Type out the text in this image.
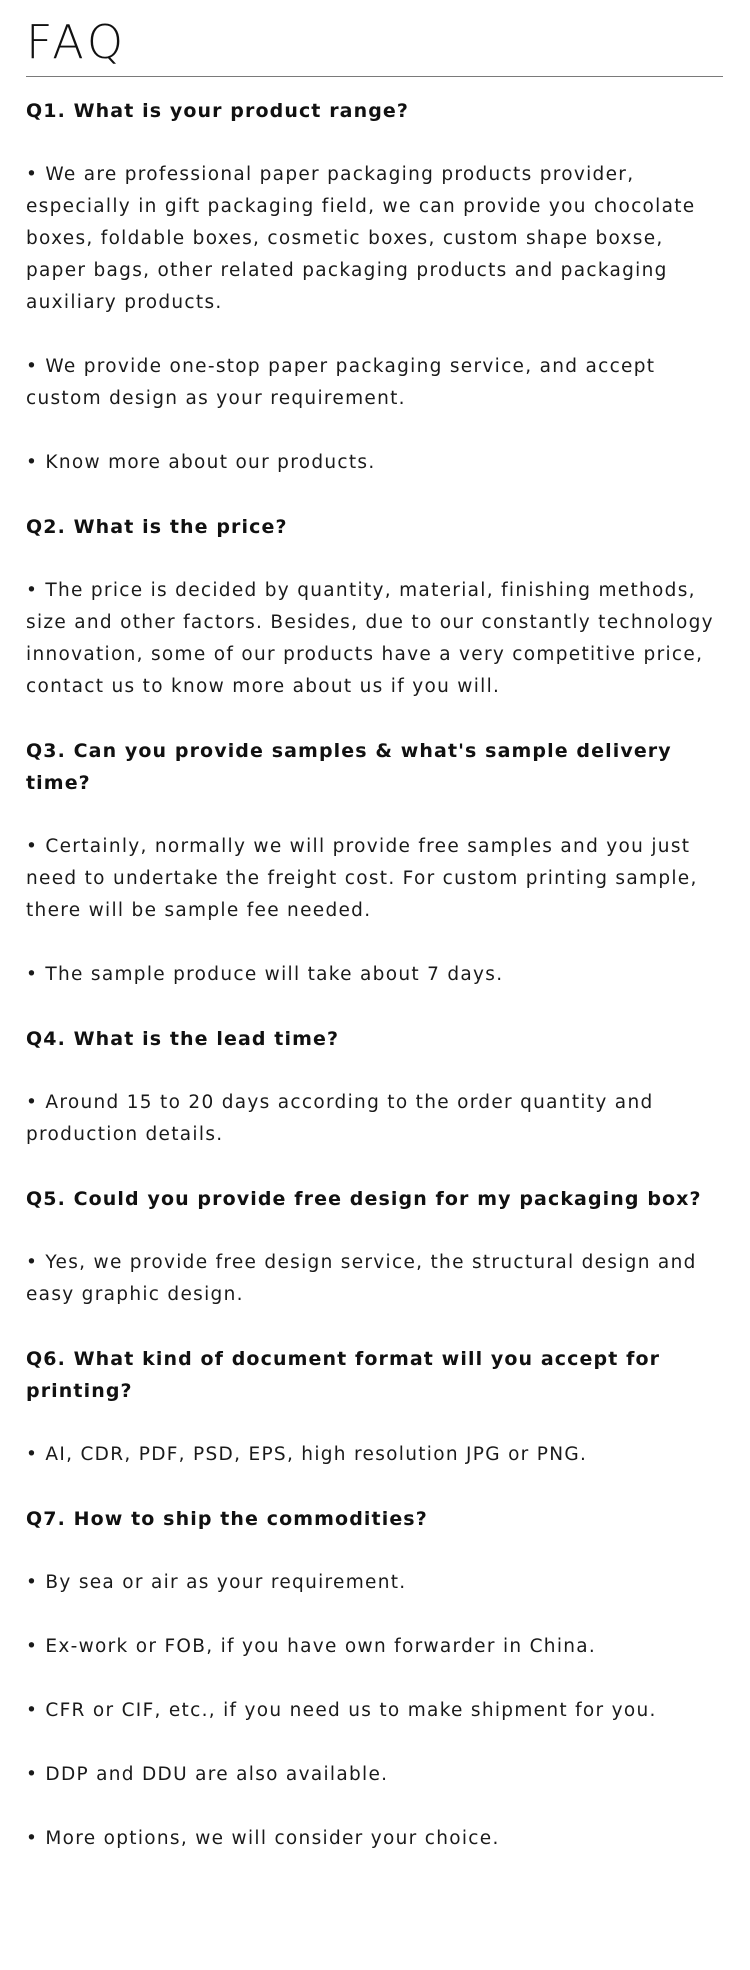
FAQ

Q1. What is your product range?

• We are professional paper packaging products provider, especially in gift packaging field, we can provide you chocolate boxes, foldable boxes, cosmetic boxes, custom shape boxse, paper bags, other related packaging products and packaging auxiliary products.

• We provide one-stop paper packaging service, and accept custom design as your requirement.

• Know more about our products.

Q2. What is the price?

• The price is decided by quantity, material, finishing methods, size and other factors. Besides, due to our constantly technology innovation, some of our products have a very competitive price, contact us to know more about us if you will.

Q3. Can you provide samples & what's sample delivery time?

• Certainly, normally we will provide free samples and you just need to undertake the freight cost. For custom printing sample, there will be sample fee needed.

• The sample produce will take about 7 days.

Q4. What is the lead time?

• Around 15 to 20 days according to the order quantity and production details.

Q5. Could you provide free design for my packaging box?

• Yes, we provide free design service, the structural design and easy graphic design.

Q6. What kind of document format will you accept for printing?

• AI, CDR, PDF, PSD, EPS, high resolution JPG or PNG.

Q7. How to ship the commodities?

• By sea or air as your requirement.

• Ex-work or FOB, if you have own forwarder in China.

• CFR or CIF, etc., if you need us to make shipment for you.

• DDP and DDU are also available.

• More options, we will consider your choice.
